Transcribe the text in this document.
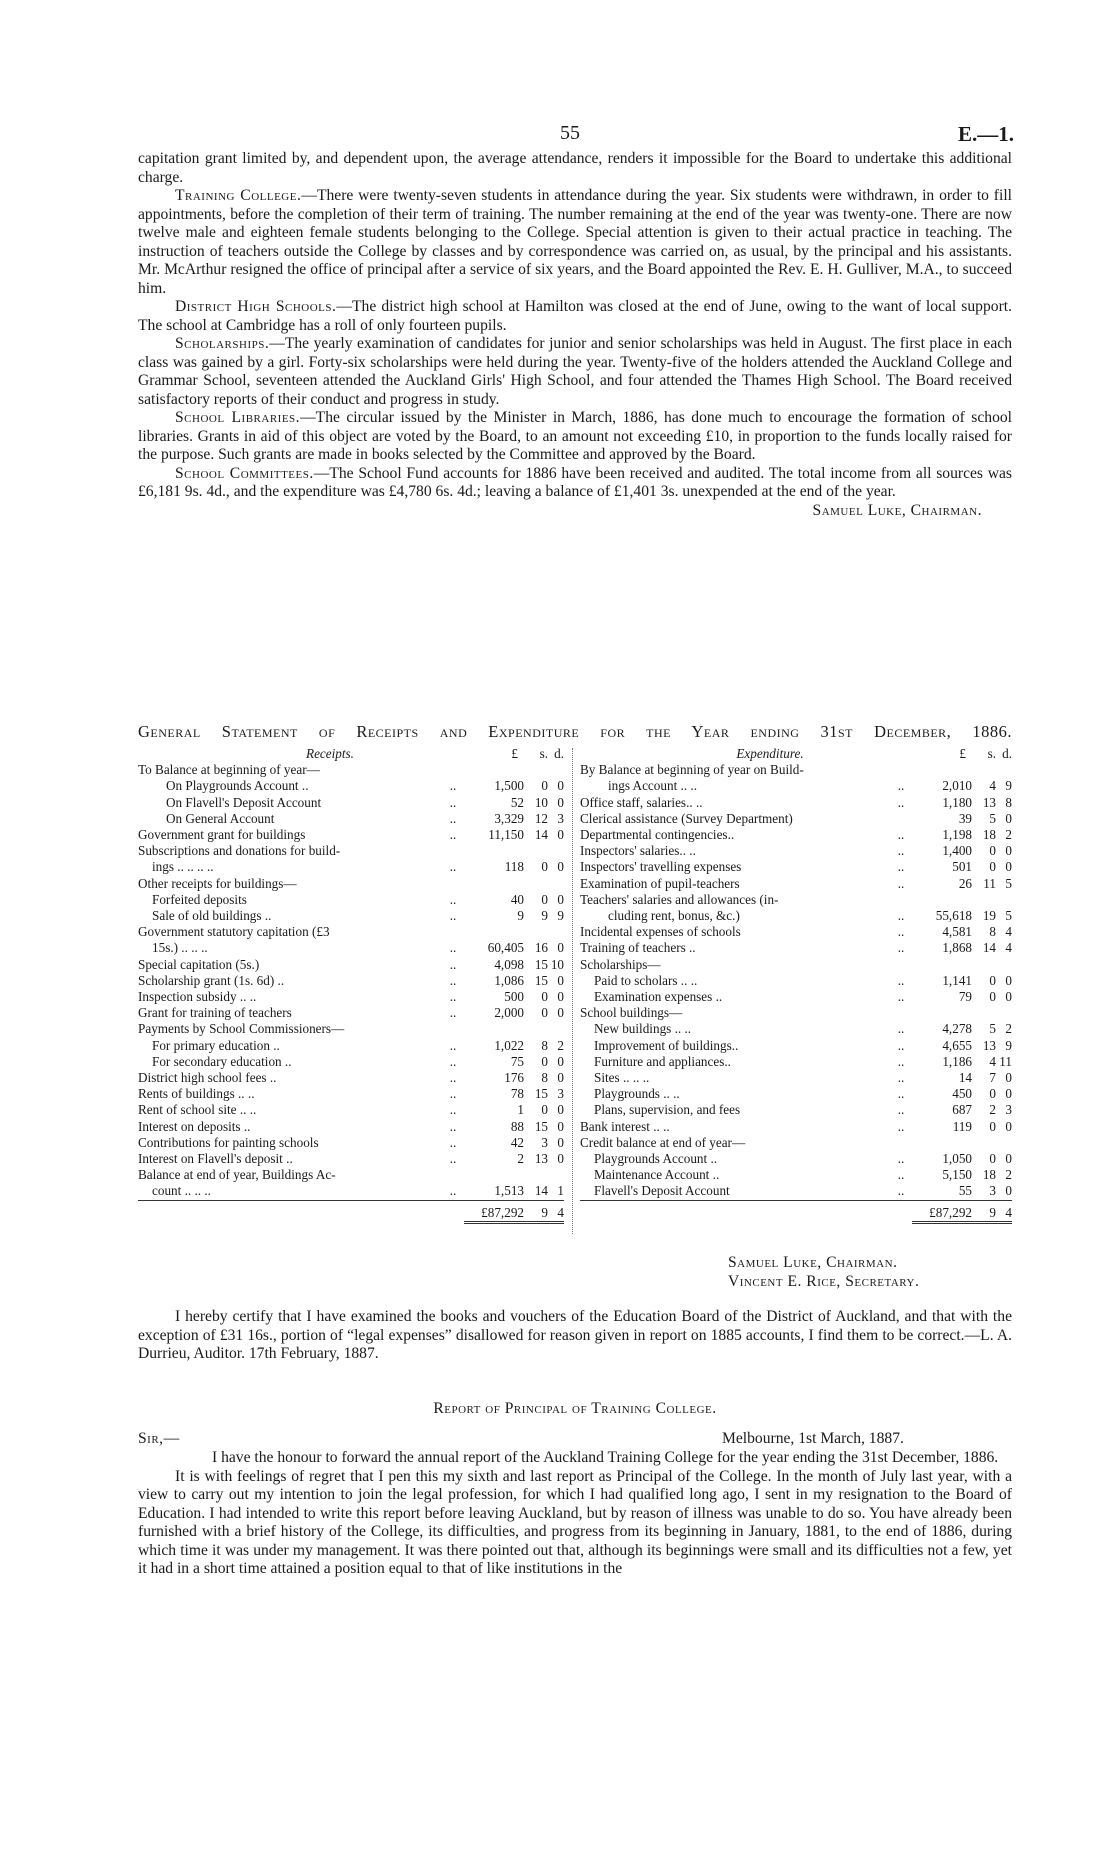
55	E.—1.

capitation grant limited by, and dependent upon, the average attendance, renders it impossible for the Board to undertake this additional charge.

Training College.—There were twenty-seven students in attendance during the year. Six students were withdrawn, in order to fill appointments, before the completion of their term of training. The number remaining at the end of the year was twenty-one. There are now twelve male and eighteen female students belonging to the College. Special attention is given to their actual practice in teaching. The instruction of teachers outside the College by classes and by correspondence was carried on, as usual, by the principal and his assistants. Mr. McArthur resigned the office of principal after a service of six years, and the Board appointed the Rev. E. H. Gulliver, M.A., to succeed him.

District High Schools.—The district high school at Hamilton was closed at the end of June, owing to the want of local support. The school at Cambridge has a roll of only fourteen pupils.

Scholarships.—The yearly examination of candidates for junior and senior scholarships was held in August. The first place in each class was gained by a girl. Forty-six scholarships were held during the year. Twenty-five of the holders attended the Auckland College and Grammar School, seventeen attended the Auckland Girls' High School, and four attended the Thames High School. The Board received satisfactory reports of their conduct and progress in study.

School Libraries.—The circular issued by the Minister in March, 1886, has done much to encourage the formation of school libraries. Grants in aid of this object are voted by the Board, to an amount not exceeding £10, in proportion to the funds locally raised for the purpose. Such grants are made in books selected by the Committee and approved by the Board.

School Committees.—The School Fund accounts for 1886 have been received and audited. The total income from all sources was £6,181 9s. 4d., and the expenditure was £4,780 6s. 4d.; leaving a balance of £1,401 3s. unexpended at the end of the year.

Samuel Luke, Chairman.

General Statement of Receipts and Expenditure for the Year ending 31st December, 1886.
Receipts.		£	s.	d.
To Balance at beginning of year—				
On Playgrounds Account ..	..	1,500	0	0
On Flavell's Deposit Account	..	52	10	0
On General Account	..	3,329	12	3
Government grant for buildings	..	11,150	14	0
Subscriptions and donations for build-				
ings .. .. .. ..	..	118	0	0
Other receipts for buildings—				
Forfeited deposits	..	40	0	0
Sale of old buildings ..	..	9	9	9
Government statutory capitation (£3				
15s.) .. .. ..	..	60,405	16	0
Special capitation (5s.)	..	4,098	15	10
Scholarship grant (1s. 6d) ..	..	1,086	15	0
Inspection subsidy .. ..	..	500	0	0
Grant for training of teachers	..	2,000	0	0
Payments by School Commissioners—				
For primary education ..	..	1,022	8	2
For secondary education ..	..	75	0	0
District high school fees ..	..	176	8	0
Rents of buildings .. ..	..	78	15	3
Rent of school site .. ..	..	1	0	0
Interest on deposits ..	..	88	15	0
Contributions for painting schools	..	42	3	0
Interest on Flavell's deposit ..	..	2	13	0
Balance at end of year, Buildings Ac-				
count .. .. ..	..	1,513	14	1
		£87,292	9	4
Expenditure.		£	s.	d.
By Balance at beginning of year on Build-				
ings Account .. ..	..	2,010	4	9
Office staff, salaries.. ..	..	1,180	13	8
Clerical assistance (Survey Department)		39	5	0
Departmental contingencies..	..	1,198	18	2
Inspectors' salaries.. ..	..	1,400	0	0
Inspectors' travelling expenses	..	501	0	0
Examination of pupil-teachers	..	26	11	5
Teachers' salaries and allowances (in-				
cluding rent, bonus, &c.)	..	55,618	19	5
Incidental expenses of schools	..	4,581	8	4
Training of teachers ..	..	1,868	14	4
Scholarships—				
Paid to scholars .. ..	..	1,141	0	0
Examination expenses ..	..	79	0	0
School buildings—				
New buildings .. ..	..	4,278	5	2
Improvement of buildings..	..	4,655	13	9
Furniture and appliances..	..	1,186	4	11
Sites .. .. ..	..	14	7	0
Playgrounds .. ..	..	450	0	0
Plans, supervision, and fees	..	687	2	3
Bank interest .. ..	..	119	0	0
Credit balance at end of year—				
Playgrounds Account ..	..	1,050	0	0
Maintenance Account ..	..	5,150	18	2
Flavell's Deposit Account	..	55	3	0
		£87,292	9	4
Samuel Luke, Chairman.
Vincent E. Rice, Secretary.

I hereby certify that I have examined the books and vouchers of the Education Board of the District of Auckland, and that with the exception of £31 16s., portion of “legal expenses” disallowed for reason given in report on 1885 accounts, I find them to be correct.—L. A. Durrieu, Auditor. 17th February, 1887.

Report of Principal of Training College.
Sir,—	Melbourne, 1st March, 1887.

I have the honour to forward the annual report of the Auckland Training College for the year ending the 31st December, 1886.

It is with feelings of regret that I pen this my sixth and last report as Principal of the College. In the month of July last year, with a view to carry out my intention to join the legal profession, for which I had qualified long ago, I sent in my resignation to the Board of Education. I had intended to write this report before leaving Auckland, but by reason of illness was unable to do so. You have already been furnished with a brief history of the College, its difficulties, and progress from its beginning in January, 1881, to the end of 1886, during which time it was under my management. It was there pointed out that, although its beginnings were small and its difficulties not a few, yet it had in a short time attained a position equal to that of like institutions in the
